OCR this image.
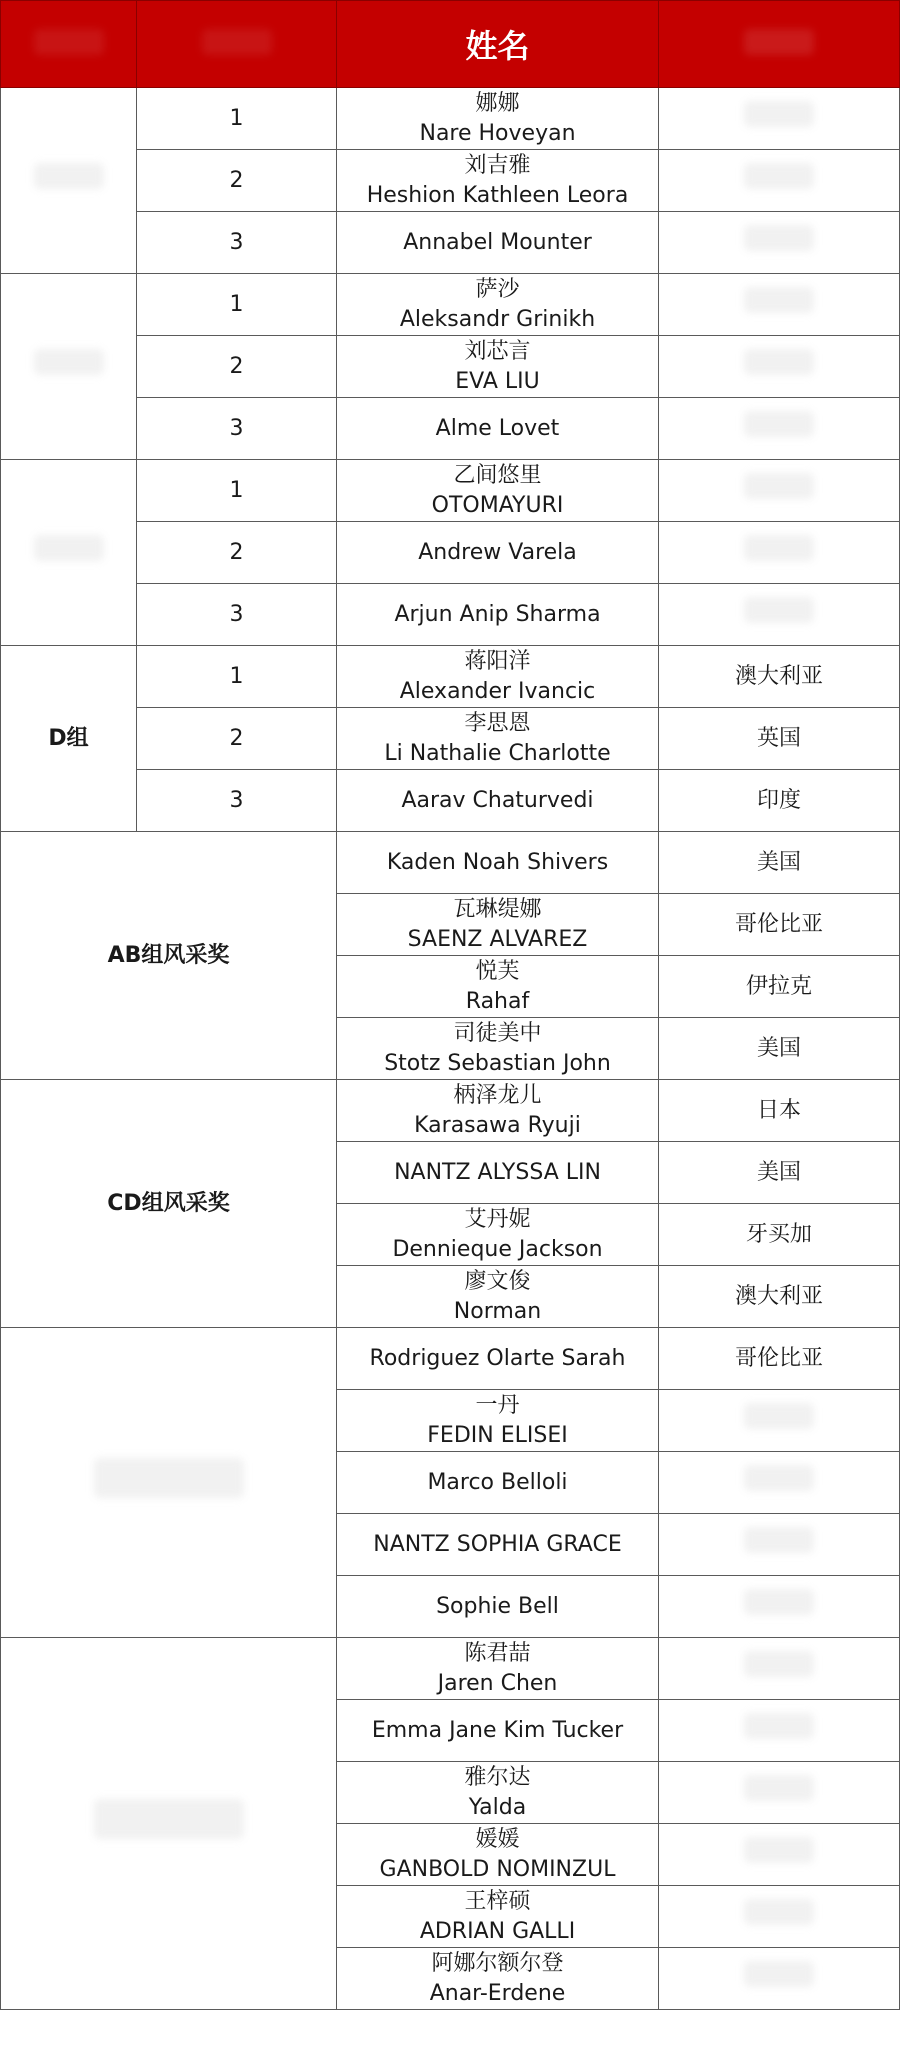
		姓名	
	1	娜娜
Nare Hoveyan	

	2	刘吉雅
Heshion Kathleen Leora	

	3	Annabel Mounter	

	1	萨沙
Aleksandr Grinikh	

	2	刘芯言
EVA LIU	

	3	Alme Lovet	

	1	乙间悠里
OTOMAYURI	

	2	Andrew Varela	

	3	Arjun Anip Sharma	

D组	1	蒋阳洋
Alexander Ivancic	澳大利亚
	2	李思恩
Li Nathalie Charlotte	英国
	3	Aarav Chaturvedi	印度
AB组风采奖		Kaden Noah Shivers	美国

		瓦琳缇娜
SAENZ ALVAREZ	哥伦比亚

		悦芙
Rahaf	伊拉克

		司徒美中
Stotz Sebastian John	美国
CD组风采奖		柄泽龙儿
Karasawa Ryuji	日本

		NANTZ ALYSSA LIN	美国

		艾丹妮
Dennieque Jackson	牙买加

		廖文俊
Norman	澳大利亚

		Rodriguez Olarte Sarah	哥伦比亚

		一丹
FEDIN ELISEI	

		Marco Belloli	

		NANTZ SOPHIA GRACE	

		Sophie Bell	

		陈君喆
Jaren Chen	

		Emma Jane Kim Tucker	

		雅尔达
Yalda	

		媛媛
GANBOLD NOMINZUL	

		王梓硕
ADRIAN GALLI	

		阿娜尔额尔登
Anar-Erdene	
